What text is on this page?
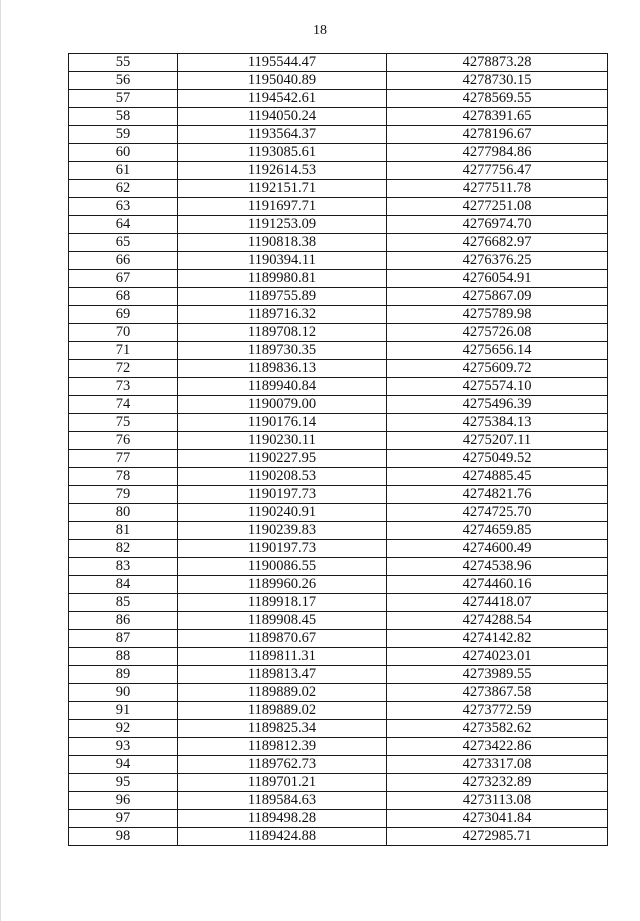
18
55	1195544.47	4278873.28
56	1195040.89	4278730.15
57	1194542.61	4278569.55
58	1194050.24	4278391.65
59	1193564.37	4278196.67
60	1193085.61	4277984.86
61	1192614.53	4277756.47
62	1192151.71	4277511.78
63	1191697.71	4277251.08
64	1191253.09	4276974.70
65	1190818.38	4276682.97
66	1190394.11	4276376.25
67	1189980.81	4276054.91
68	1189755.89	4275867.09
69	1189716.32	4275789.98
70	1189708.12	4275726.08
71	1189730.35	4275656.14
72	1189836.13	4275609.72
73	1189940.84	4275574.10
74	1190079.00	4275496.39
75	1190176.14	4275384.13
76	1190230.11	4275207.11
77	1190227.95	4275049.52
78	1190208.53	4274885.45
79	1190197.73	4274821.76
80	1190240.91	4274725.70
81	1190239.83	4274659.85
82	1190197.73	4274600.49
83	1190086.55	4274538.96
84	1189960.26	4274460.16
85	1189918.17	4274418.07
86	1189908.45	4274288.54
87	1189870.67	4274142.82
88	1189811.31	4274023.01
89	1189813.47	4273989.55
90	1189889.02	4273867.58
91	1189889.02	4273772.59
92	1189825.34	4273582.62
93	1189812.39	4273422.86
94	1189762.73	4273317.08
95	1189701.21	4273232.89
96	1189584.63	4273113.08
97	1189498.28	4273041.84
98	1189424.88	4272985.71
